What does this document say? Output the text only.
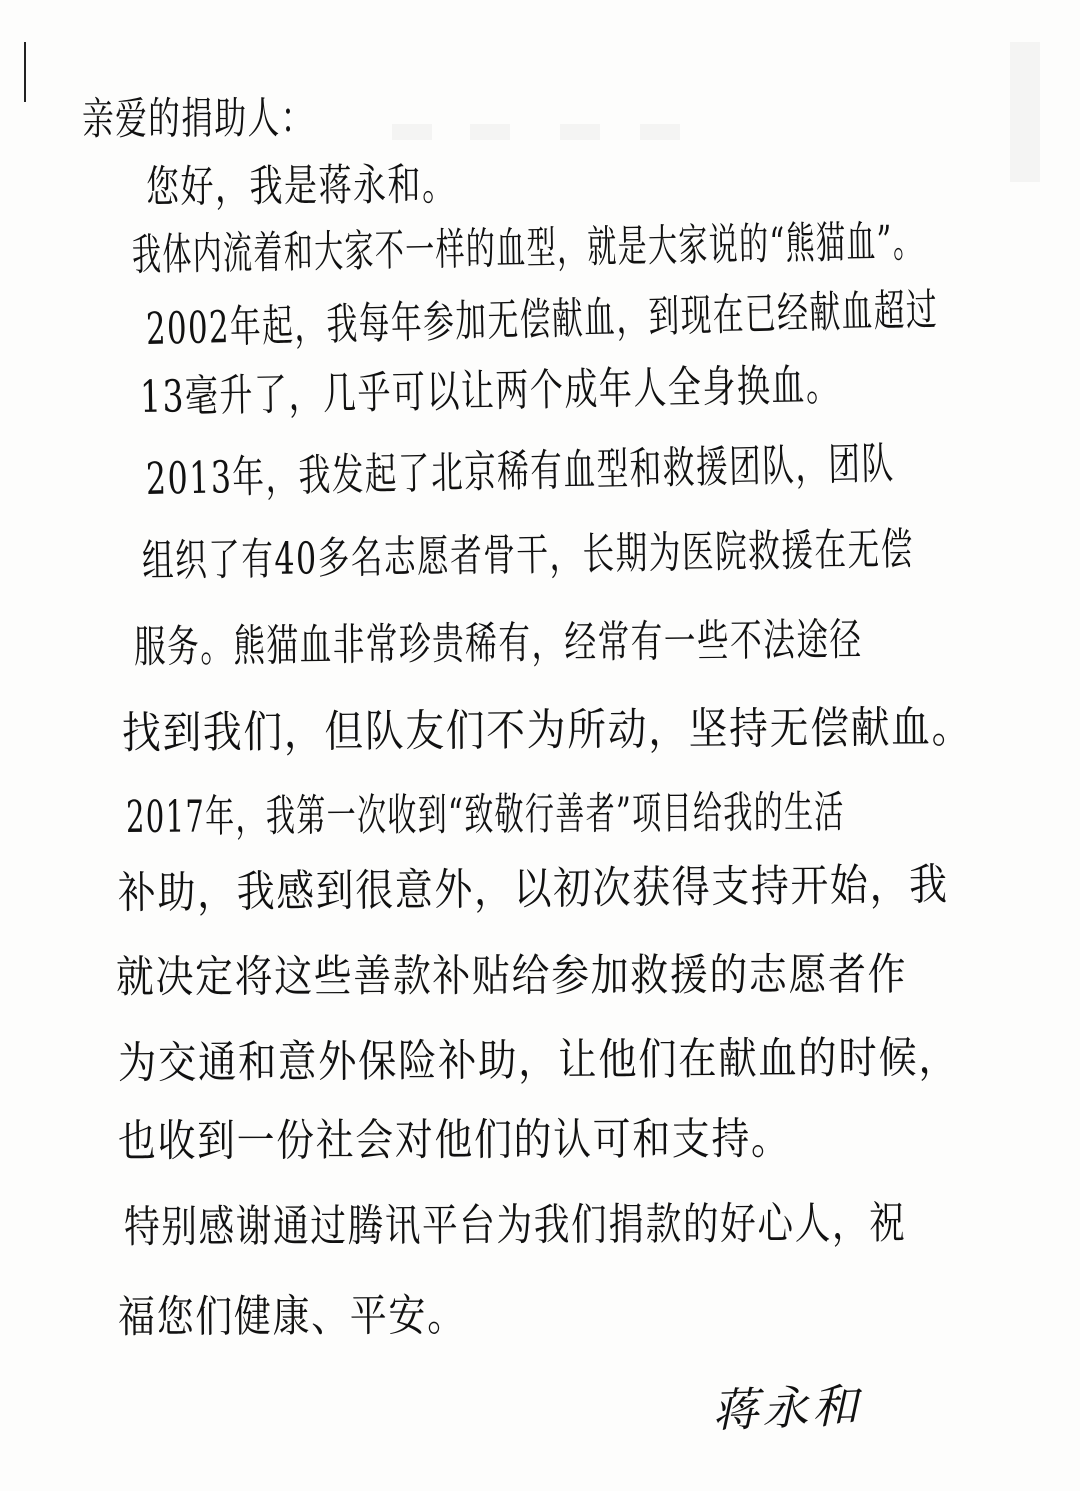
亲爱的捐助人：

您好，我是蒋永和。

我体内流着和大家不一样的血型，就是大家说的“熊猫血”。

2002年起，我每年参加无偿献血，到现在已经献血超过

13毫升了，几乎可以让两个成年人全身换血。

2013年，我发起了北京稀有血型和救援团队，团队

组织了有40多名志愿者骨干，长期为医院救援在无偿

服务。熊猫血非常珍贵稀有，经常有一些不法途径

找到我们，但队友们不为所动，坚持无偿献血。

2017年，我第一次收到“致敬行善者”项目给我的生活

补助，我感到很意外，以初次获得支持开始，我

就决定将这些善款补贴给参加救援的志愿者作

为交通和意外保险补助，让他们在献血的时候，

也收到一份社会对他们的认可和支持。

特别感谢通过腾讯平台为我们捐款的好心人，祝

福您们健康、平安。

蒋永和
